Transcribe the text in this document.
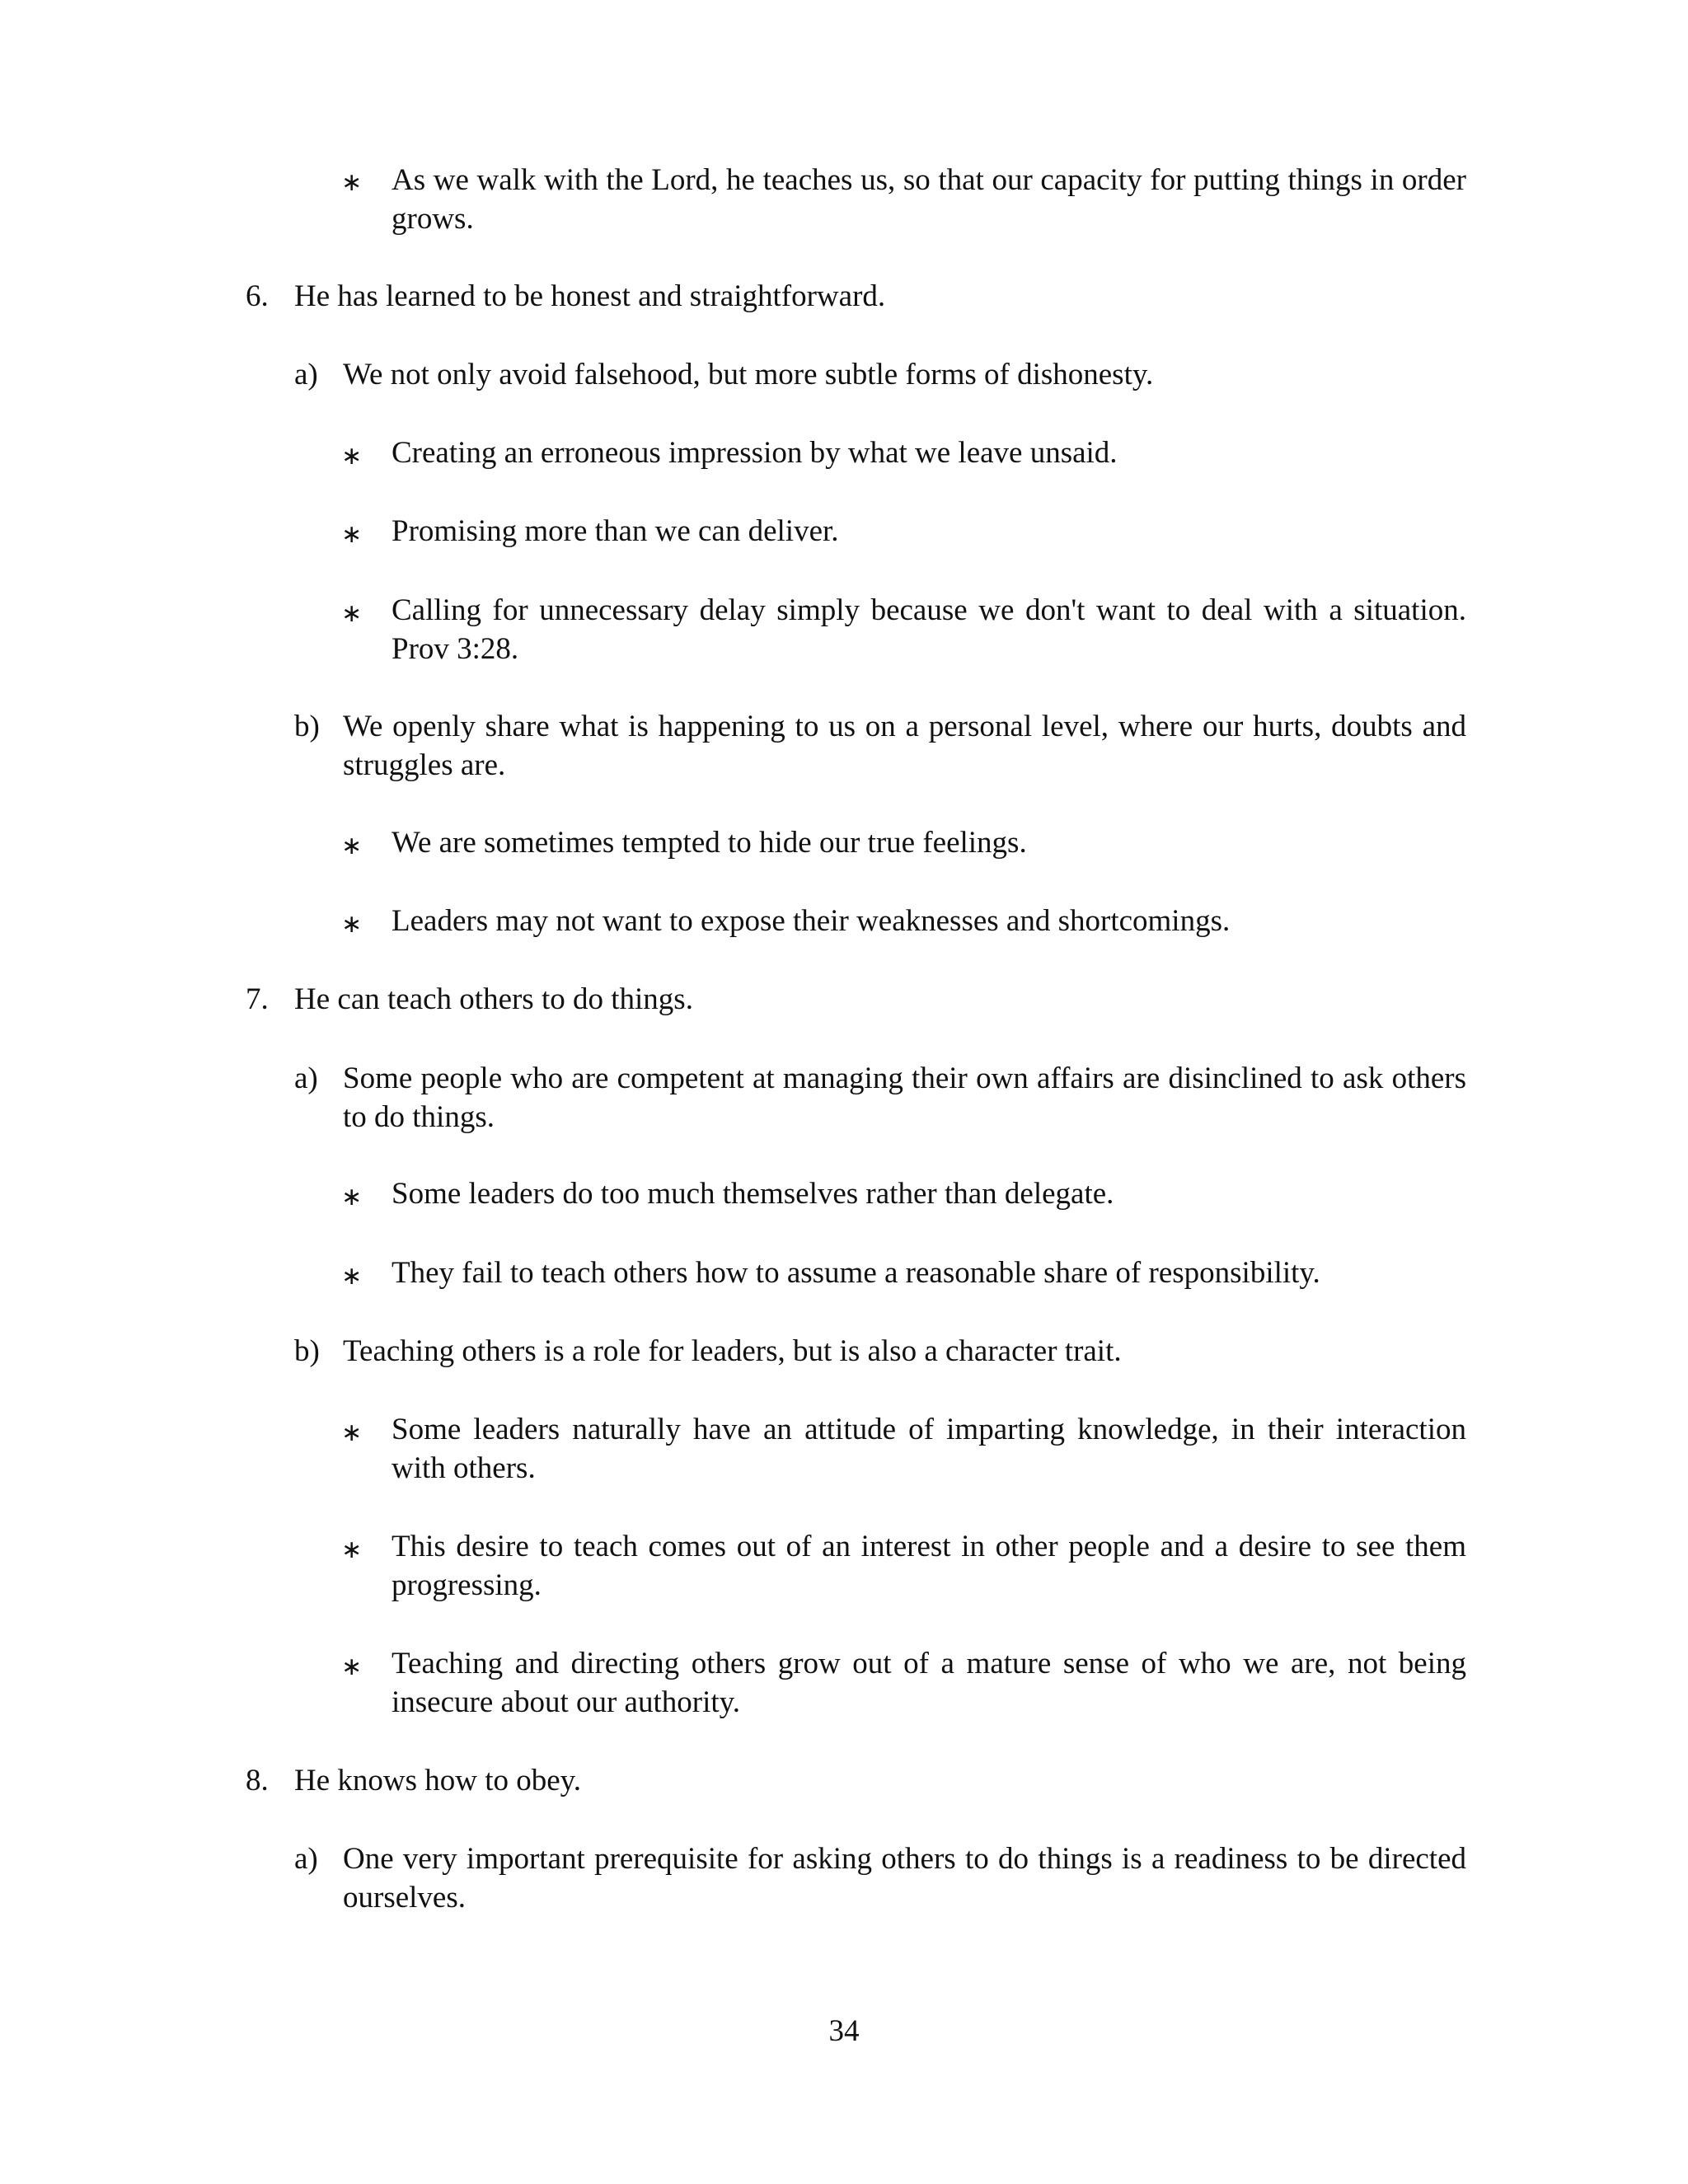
∗ As we walk with the Lord, he teaches us, so that our capacity for putting things in order grows.
6. He has learned to be honest and straightforward.
a) We not only avoid falsehood, but more subtle forms of dishonesty.
∗ Creating an erroneous impression by what we leave unsaid.
∗ Promising more than we can deliver.
∗ Calling for unnecessary delay simply because we don't want to deal with a situation. Prov 3:28.
b) We openly share what is happening to us on a personal level, where our hurts, doubts and struggles are.
∗ We are sometimes tempted to hide our true feelings.
∗ Leaders may not want to expose their weaknesses and shortcomings.
7. He can teach others to do things.
a) Some people who are competent at managing their own affairs are disinclined to ask others to do things.
∗ Some leaders do too much themselves rather than delegate.
∗ They fail to teach others how to assume a reasonable share of responsibility.
b) Teaching others is a role for leaders, but is also a character trait.
∗ Some leaders naturally have an attitude of imparting knowledge, in their interaction with others.
∗ This desire to teach comes out of an interest in other people and a desire to see them progressing.
∗ Teaching and directing others grow out of a mature sense of who we are, not being insecure about our authority.
8. He knows how to obey.
a) One very important prerequisite for asking others to do things is a readiness to be directed ourselves.
34
